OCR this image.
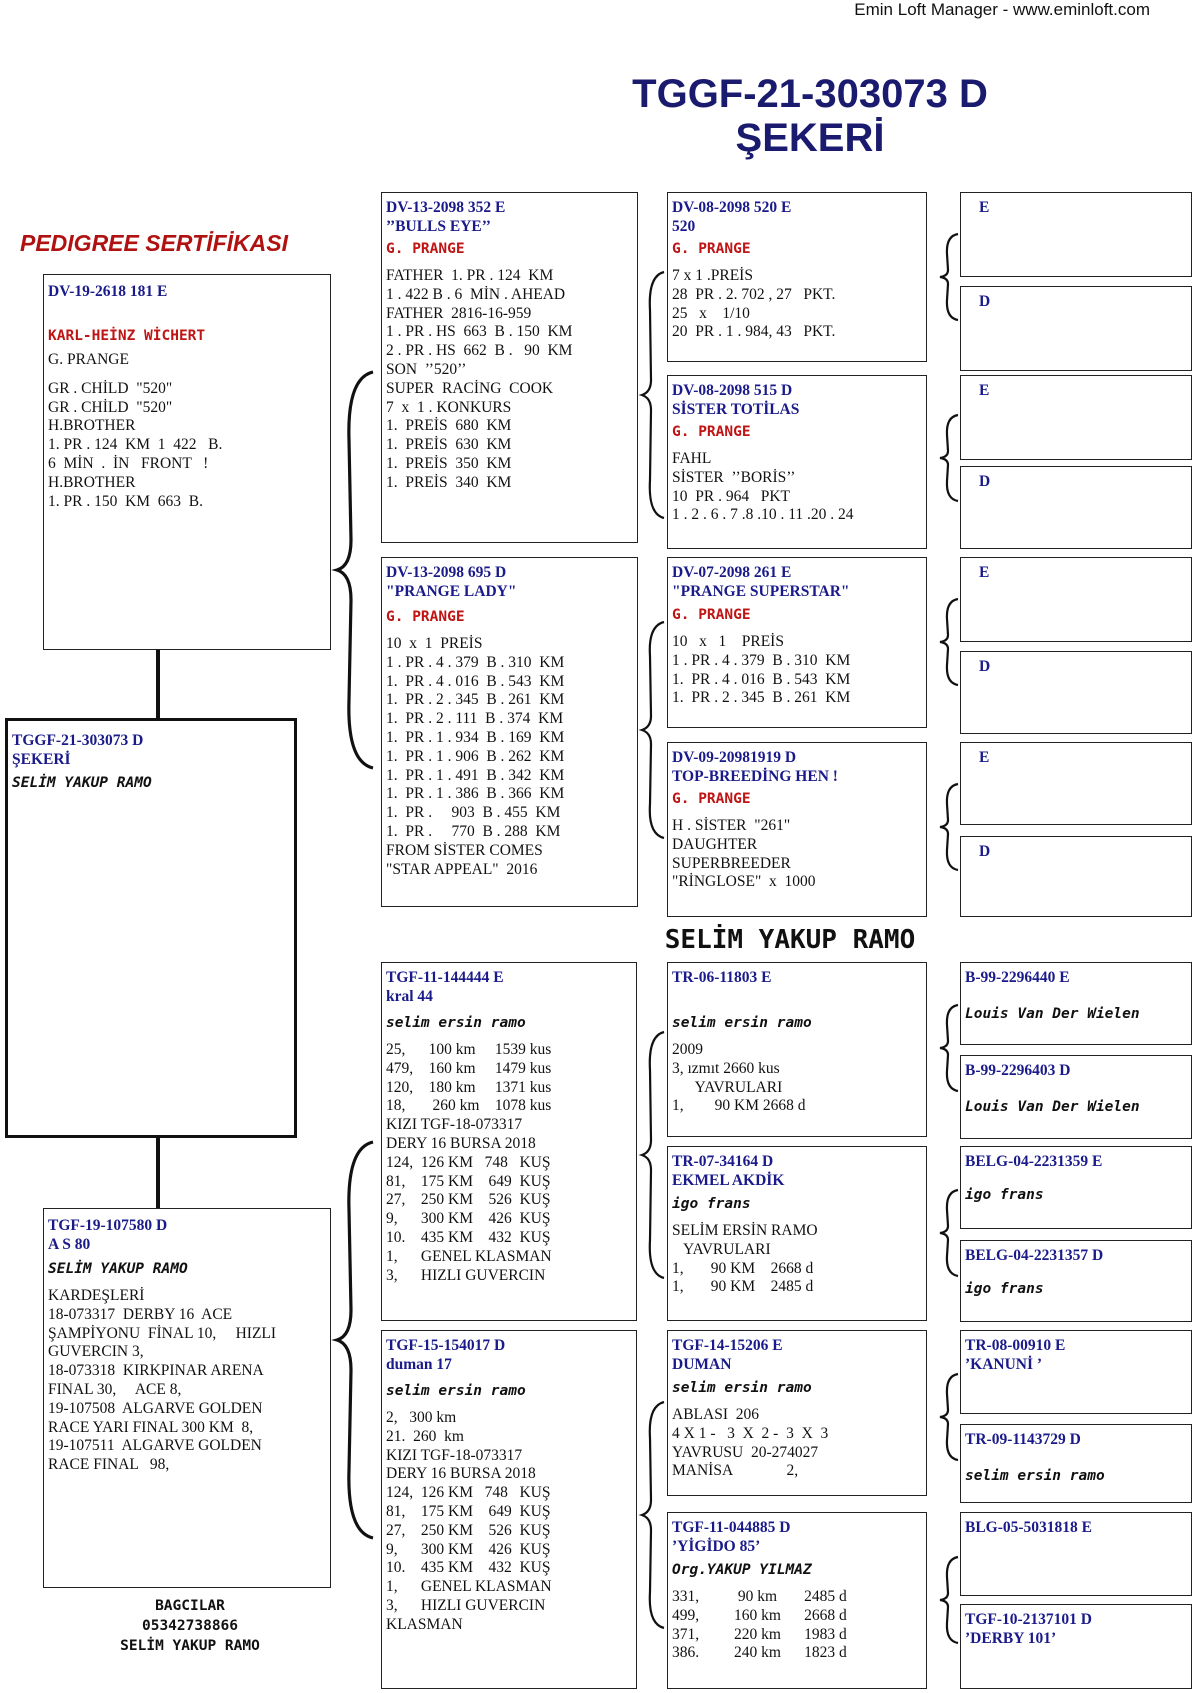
Emin Loft Manager - www.eminloft.com
TGGF-21-303073 D
ŞEKERİ
PEDIGREE SERTİFİKASI
DV-19-2618 181 E
KARL-HEİNZ WİCHERT
G. PRANGE
GR . CHİLD  "520"
GR . CHİLD  "520"
H.BROTHER
1. PR . 124  KM  1  422   B.
6  MİN  .  İN   FRONT   !
H.BROTHER
1. PR . 150  KM  663  B.
TGGF-21-303073 D
ŞEKERİ
SELİM YAKUP RAMO
TGF-19-107580 D
A S 80
SELİM YAKUP RAMO
KARDEŞLERİ
18-073317  DERBY 16  ACE
ŞAMPİYONU  FİNAL 10,     HIZLI
GUVERCIN 3,
18-073318  KIRKPINAR ARENA
FINAL 30,     ACE 8,
19-107508  ALGARVE GOLDEN
RACE YARI FINAL 300 KM  8,
19-107511  ALGARVE GOLDEN
RACE FINAL   98,
BAGCILAR
05342738866
SELİM YAKUP RAMO
DV-13-2098 352 E
’’BULLS EYE’’
G. PRANGE
FATHER  1. PR . 124  KM
1 . 422 B . 6  MİN . AHEAD
FATHER  2816-16-959
1 . PR . HS  663  B . 150  KM
2 . PR . HS  662  B .   90  KM
SON  ’’520’’
SUPER  RACİNG  COOK
7  x  1 . KONKURS
1.  PREİS  680  KM
1.  PREİS  630  KM
1.  PREİS  350  KM
1.  PREİS  340  KM
DV-13-2098 695 D
"PRANGE LADY"
G. PRANGE
10  x  1  PREİS
1 . PR . 4 . 379  B . 310  KM
1.  PR . 4 . 016  B . 543  KM
1.  PR . 2 . 345  B . 261  KM
1.  PR . 2 . 111  B . 374  KM
1.  PR . 1 . 934  B . 169  KM
1.  PR . 1 . 906  B . 262  KM
1.  PR . 1 . 491  B . 342  KM
1.  PR . 1 . 386  B . 366  KM
1.  PR .     903  B . 455  KM
1.  PR .     770  B . 288  KM
FROM SİSTER COMES
"STAR APPEAL"  2016
TGF-11-144444 E
kral 44
selim ersin ramo
25,      100 km     1539 kus
479,    160 km     1479 kus
120,    180 km     1371 kus
18,       260 km    1078 kus
KIZI TGF-18-073317
DERY 16 BURSA 2018
124,  126 KM   748   KUŞ
81,    175 KM    649  KUŞ
27,    250 KM    526  KUŞ
9,      300 KM    426  KUŞ
10.    435 KM    432  KUŞ
1,      GENEL KLASMAN
3,      HIZLI GUVERCIN
TGF-15-154017 D
duman 17
selim ersin ramo
2,   300 km
21.  260  km
KIZI TGF-18-073317
DERY 16 BURSA 2018
124,  126 KM   748   KUŞ
81,    175 KM    649  KUŞ
27,    250 KM    526  KUŞ
9,      300 KM    426  KUŞ
10.    435 KM    432  KUŞ
1,      GENEL KLASMAN
3,      HIZLI GUVERCIN
KLASMAN
SELİM YAKUP RAMO
DV-08-2098 520 E
520
G. PRANGE
7 x 1 .PREİS
28  PR . 2. 702 , 27   PKT.
25   x    1/10
20  PR . 1 . 984, 43   PKT.
DV-08-2098 515 D
SİSTER TOTİLAS
G. PRANGE
FAHL
SİSTER  ’’BORİS’’
10  PR . 964   PKT
1 . 2 . 6 . 7 .8 .10 . 11 .20 . 24
DV-07-2098 261 E
"PRANGE SUPERSTAR"
G. PRANGE
10   x   1    PREİS
1 . PR . 4 . 379  B . 310  KM
1.  PR . 4 . 016  B . 543  KM
1.  PR . 2 . 345  B . 261  KM
DV-09-20981919 D
TOP-BREEDİNG HEN !
G. PRANGE
H . SİSTER  "261"
DAUGHTER
SUPERBREEDER
"RİNGLOSE"  x  1000
TR-06-11803 E
selim ersin ramo
2009
3, ızmıt 2660 kus
YAVRULARI
1,        90 KM 2668 d
TR-07-34164 D
EKMEL AKDİK
igo frans
SELİM ERSİN RAMO
YAVRULARI
1,       90 KM    2668 d
1,       90 KM    2485 d
TGF-14-15206 E
DUMAN
selim ersin ramo
ABLASI  206
4 X 1 -   3  X  2 -  3  X  3
YAVRUSU  20-274027
MANİSA              2,
TGF-11-044885 D
’YİGİDO 85’
Org.YAKUP YILMAZ
331,          90 km       2485 d
499,         160 km      2668 d
371,         220 km      1983 d
386.         240 km      1823 d
E
D
E
D
E
D
E
D
B-99-2296440 E
Louis Van Der Wielen
B-99-2296403 D
Louis Van Der Wielen
BELG-04-2231359 E
igo frans
BELG-04-2231357 D
igo frans
TR-08-00910 E
’KANUNİ ’
TR-09-1143729 D
selim ersin ramo
BLG-05-5031818 E
TGF-10-2137101 D
’DERBY 101’
